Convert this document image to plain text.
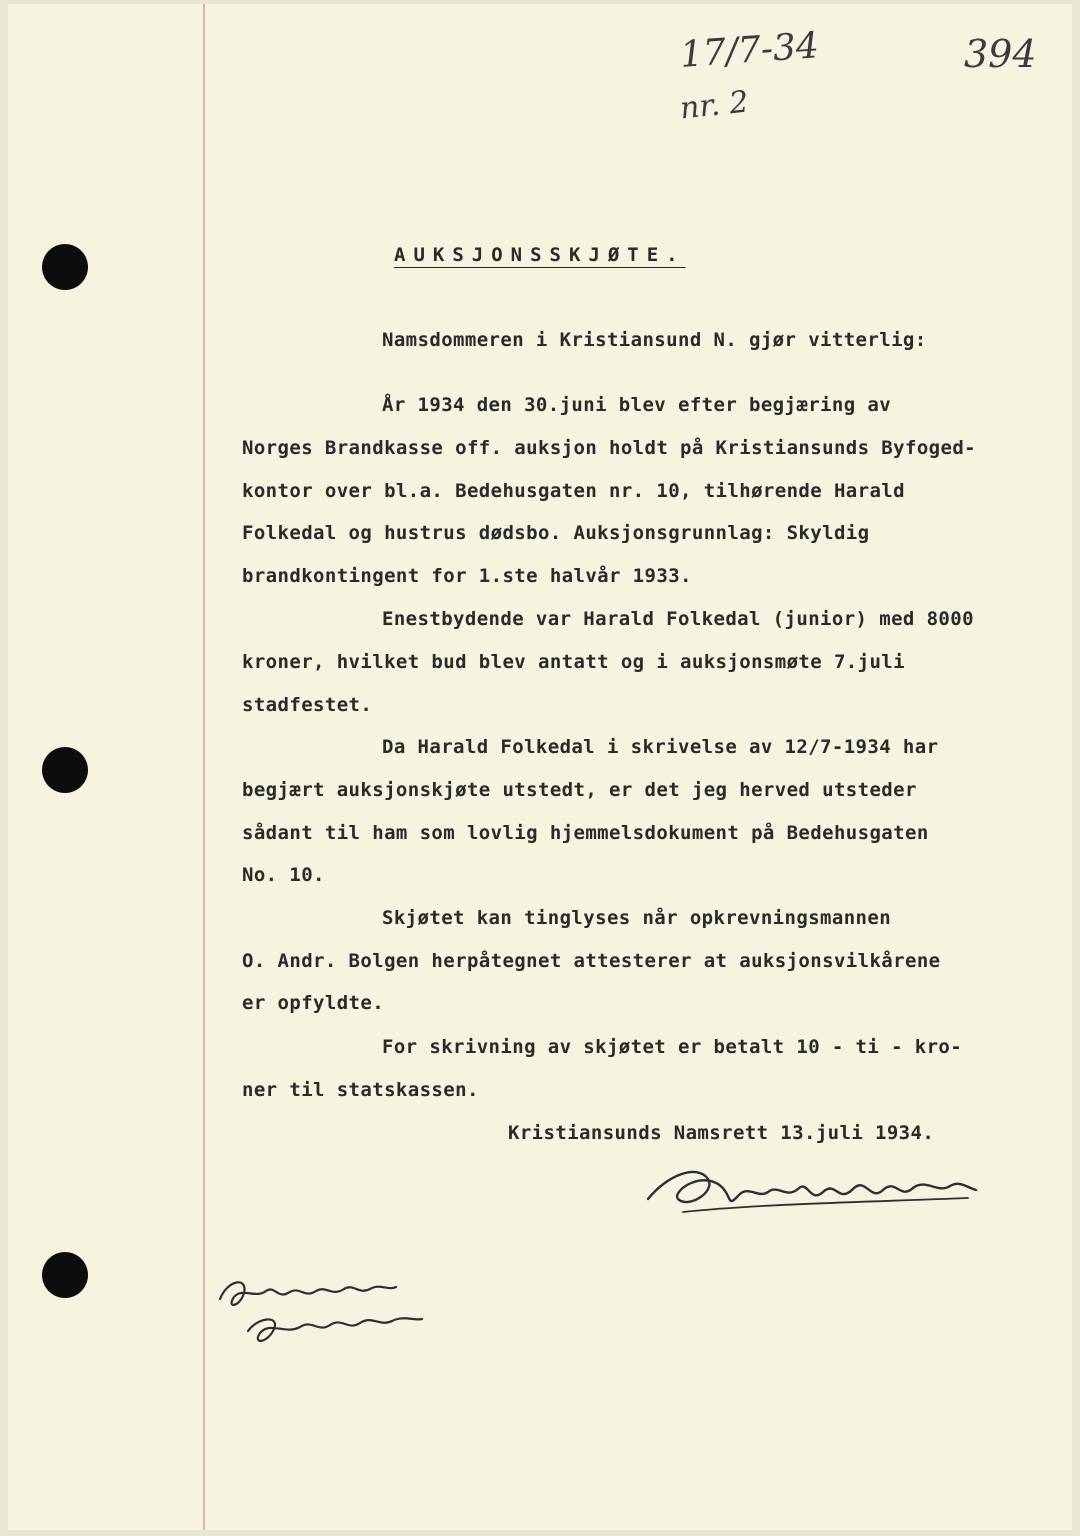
17/7-34
nr. 2
394
AUKSJONSSKJØTE.
Namsdommeren i Kristiansund N. gjør vitterlig:
År 1934 den 30.juni blev efter begjæring av
Norges Brandkasse off. auksjon holdt på Kristiansunds Byfoged-
kontor over bl.a. Bedehusgaten nr. 10, tilhørende Harald
Folkedal og hustrus dødsbo. Auksjonsgrunnlag: Skyldig
brandkontingent for 1.ste halvår 1933.
Enestbydende var Harald Folkedal (junior) med 8000
kroner, hvilket bud blev antatt og i auksjonsmøte 7.juli
stadfestet.
Da Harald Folkedal i skrivelse av 12/7-1934 har
begjært auksjonskjøte utstedt, er det jeg herved utsteder
sådant til ham som lovlig hjemmelsdokument på Bedehusgaten
No. 10.
Skjøtet kan tinglyses når opkrevningsmannen
O. Andr. Bolgen herpåtegnet attesterer at auksjonsvilkårene
er opfyldte.
For skrivning av skjøtet er betalt 10 - ti - kro-
ner til statskassen.
Kristiansunds Namsrett 13.juli 1934.
